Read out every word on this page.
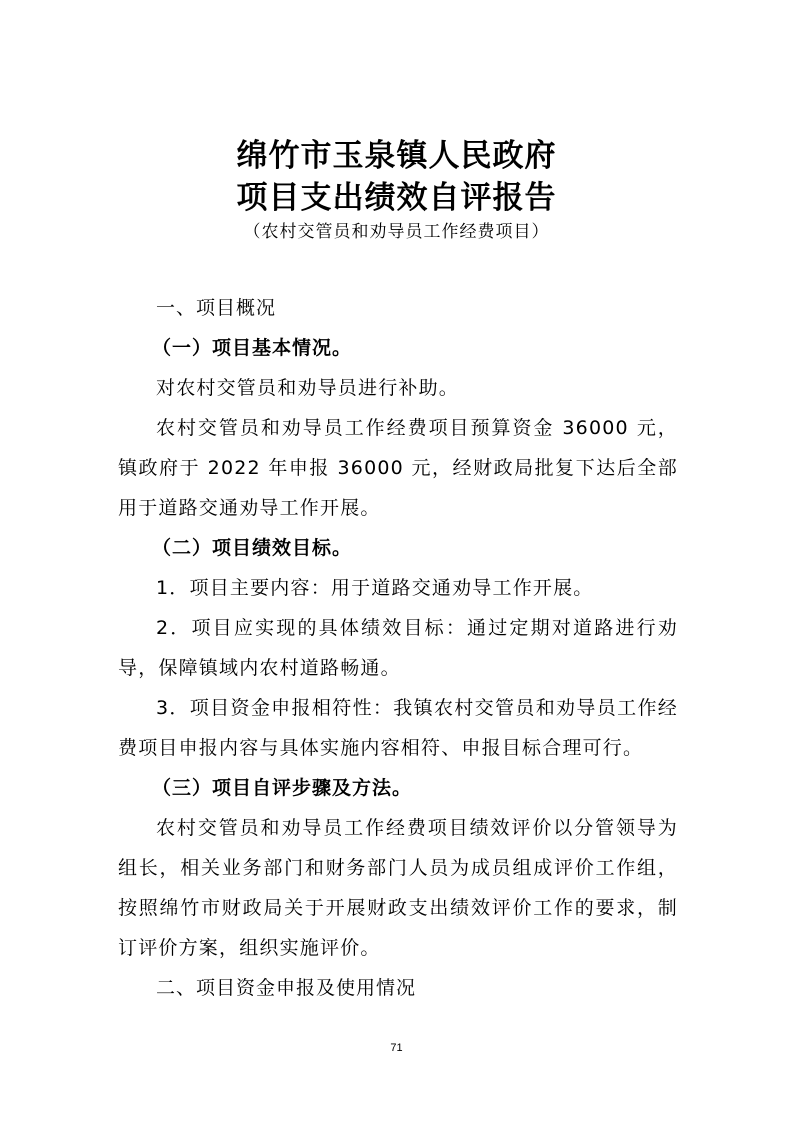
绵竹市玉泉镇人民政府
项目支出绩效自评报告
（农村交管员和劝导员工作经费项目）

一、项目概况

（一）项目基本情况。

对农村交管员和劝导员进行补助。

农村交管员和劝导员工作经费项目预算资金 36000 元，镇政府于 2022 年申报 36000 元，经财政局批复下达后全部用于道路交通劝导工作开展。

（二）项目绩效目标。

1．项目主要内容：用于道路交通劝导工作开展。

2．项目应实现的具体绩效目标：通过定期对道路进行劝导，保障镇域内农村道路畅通。

3．项目资金申报相符性：我镇农村交管员和劝导员工作经费项目申报内容与具体实施内容相符、申报目标合理可行。

（三）项目自评步骤及方法。

农村交管员和劝导员工作经费项目绩效评价以分管领导为组长，相关业务部门和财务部门人员为成员组成评价工作组，按照绵竹市财政局关于开展财政支出绩效评价工作的要求，制订评价方案，组织实施评价。

二、项目资金申报及使用情况

71
